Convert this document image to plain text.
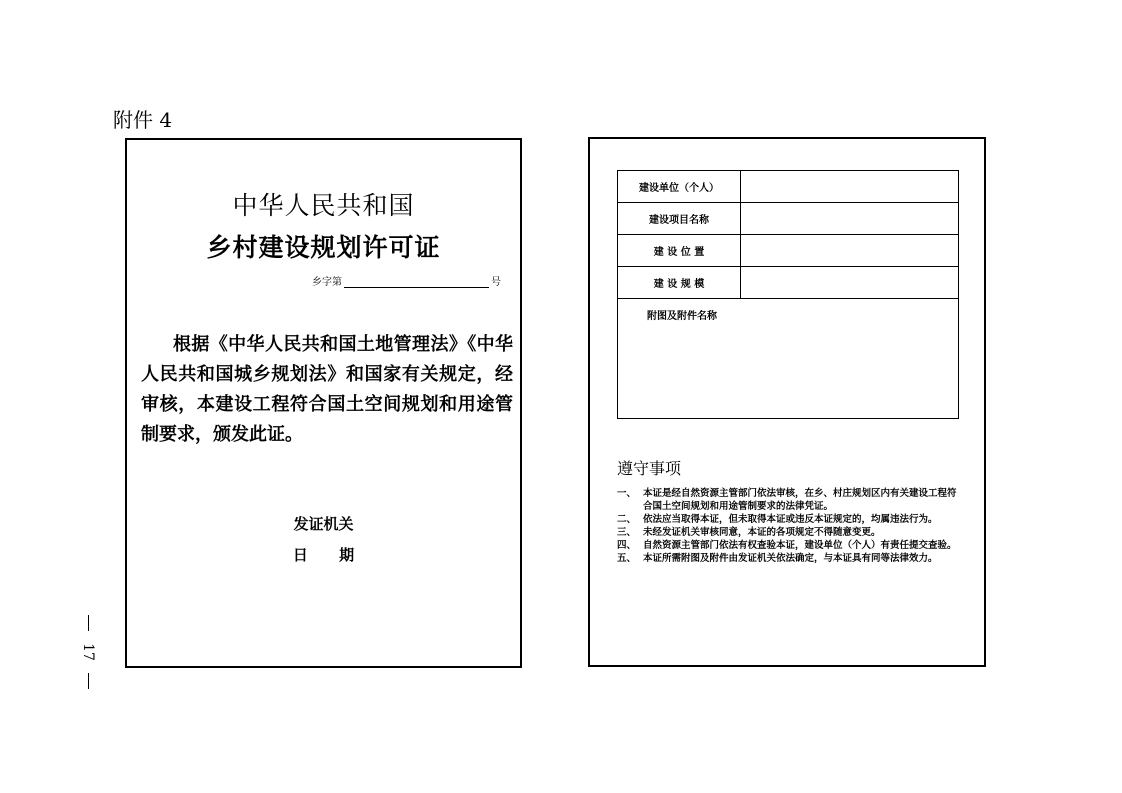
附件 4
17
中华人民共和国
乡村建设规划许可证
乡字第	号
根据《中华人民共和国土地管理法》《中华人民共和国城乡规划法》和国家有关规定，经审核，本建设工程符合国土空间规划和用途管制要求，颁发此证。
发证机关
日 期
建设单位（个人）	
建设项目名称	
建 设 位 置	
建 设 规 模	
附图及附件名称	
遵守事项
一、 本证是经自然资源主管部门依法审核，在乡、村庄规划区内有关建设工程符合国土空间规划和用途管制要求的法律凭证。
二、 依法应当取得本证，但未取得本证或违反本证规定的，均属违法行为。
三、 未经发证机关审核同意，本证的各项规定不得随意变更。
四、 自然资源主管部门依法有权查验本证，建设单位（个人）有责任提交查验。
五、 本证所需附图及附件由发证机关依法确定，与本证具有同等法律效力。
